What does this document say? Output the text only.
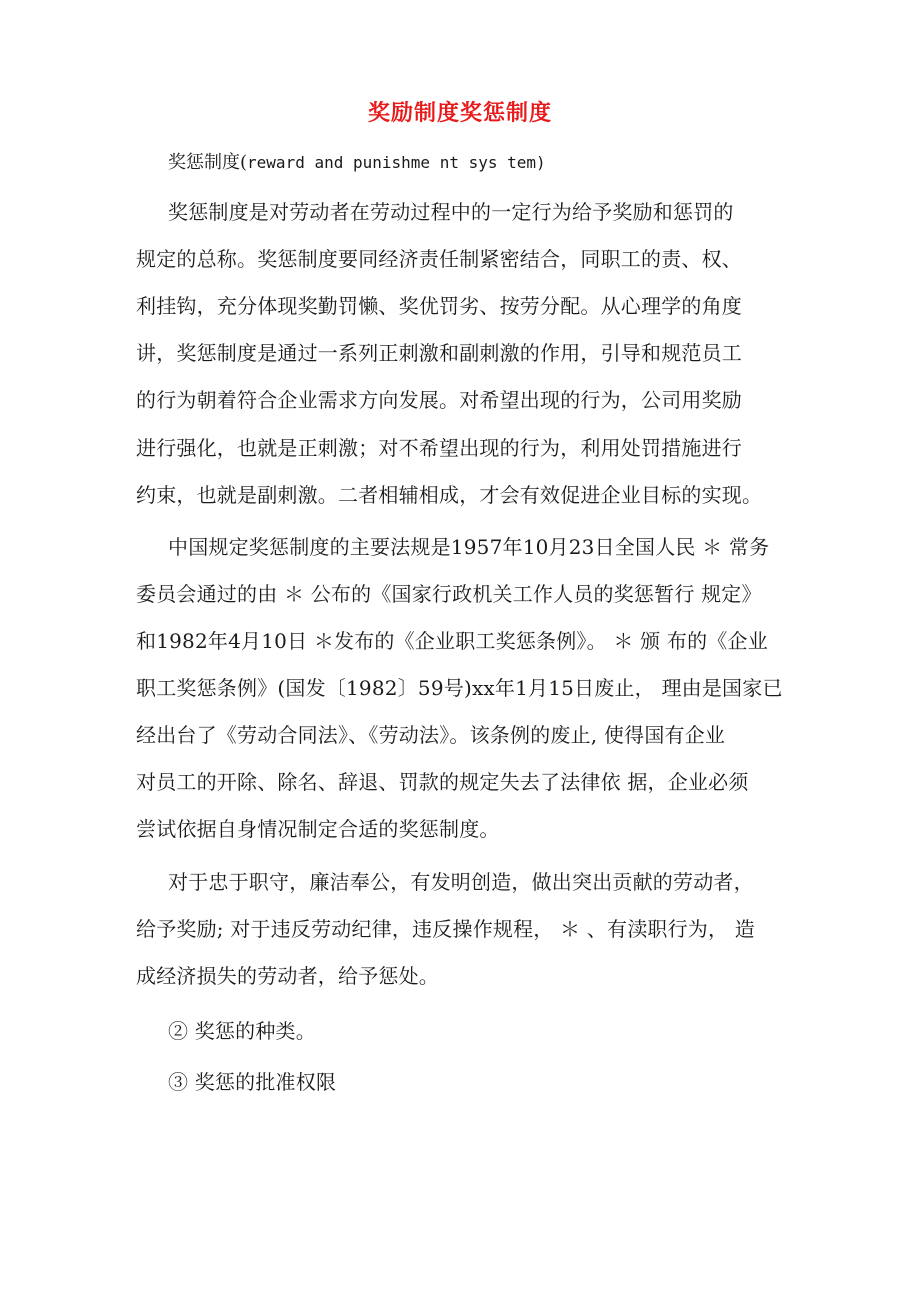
奖励制度奖惩制度
奖惩制度(reward and punishme nt sys tem)
奖惩制度是对劳动者在劳动过程中的一定行为给予奖励和惩罚的
规定的总称。奖惩制度要同经济责任制紧密结合，同职工的责、权、
利挂钩，充分体现奖勤罚懒、奖优罚劣、按劳分配。从心理学的角度
讲，奖惩制度是通过一系列正刺激和副刺激的作用，引导和规范员工
的行为朝着符合企业需求方向发展。对希望出现的行为，公司用奖励
进行强化，也就是正刺激；对不希望出现的行为，利用处罚措施进行
约束，也就是副刺激。二者相辅相成，才会有效促进企业目标的实现。
中国规定奖惩制度的主要法规是1957年10月23日全国人民 ＊ 常务
委员会通过的由 ＊ 公布的《国家行政机关工作人员的奖惩暂行 规定》
和1982年4月10日 ＊发布的《企业职工奖惩条例》。 ＊ 颁 布的《企业
职工奖惩条例》(国发〔1982〕59号)xx年1月15日废止， 理由是国家已
经出台了《劳动合同法》、《劳动法》。该条例的废止, 使得国有企业
对员工的开除、除名、辞退、罚款的规定失去了法律依 据，企业必须
尝试依据自身情况制定合适的奖惩制度。
对于忠于职守，廉洁奉公，有发明创造，做出突出贡献的劳动者，
给予奖励; 对于违反劳动纪律，违反操作规程， ＊ 、有渎职行为， 造
成经济损失的劳动者，给予惩处。
② 奖惩的种类。
③ 奖惩的批准权限
